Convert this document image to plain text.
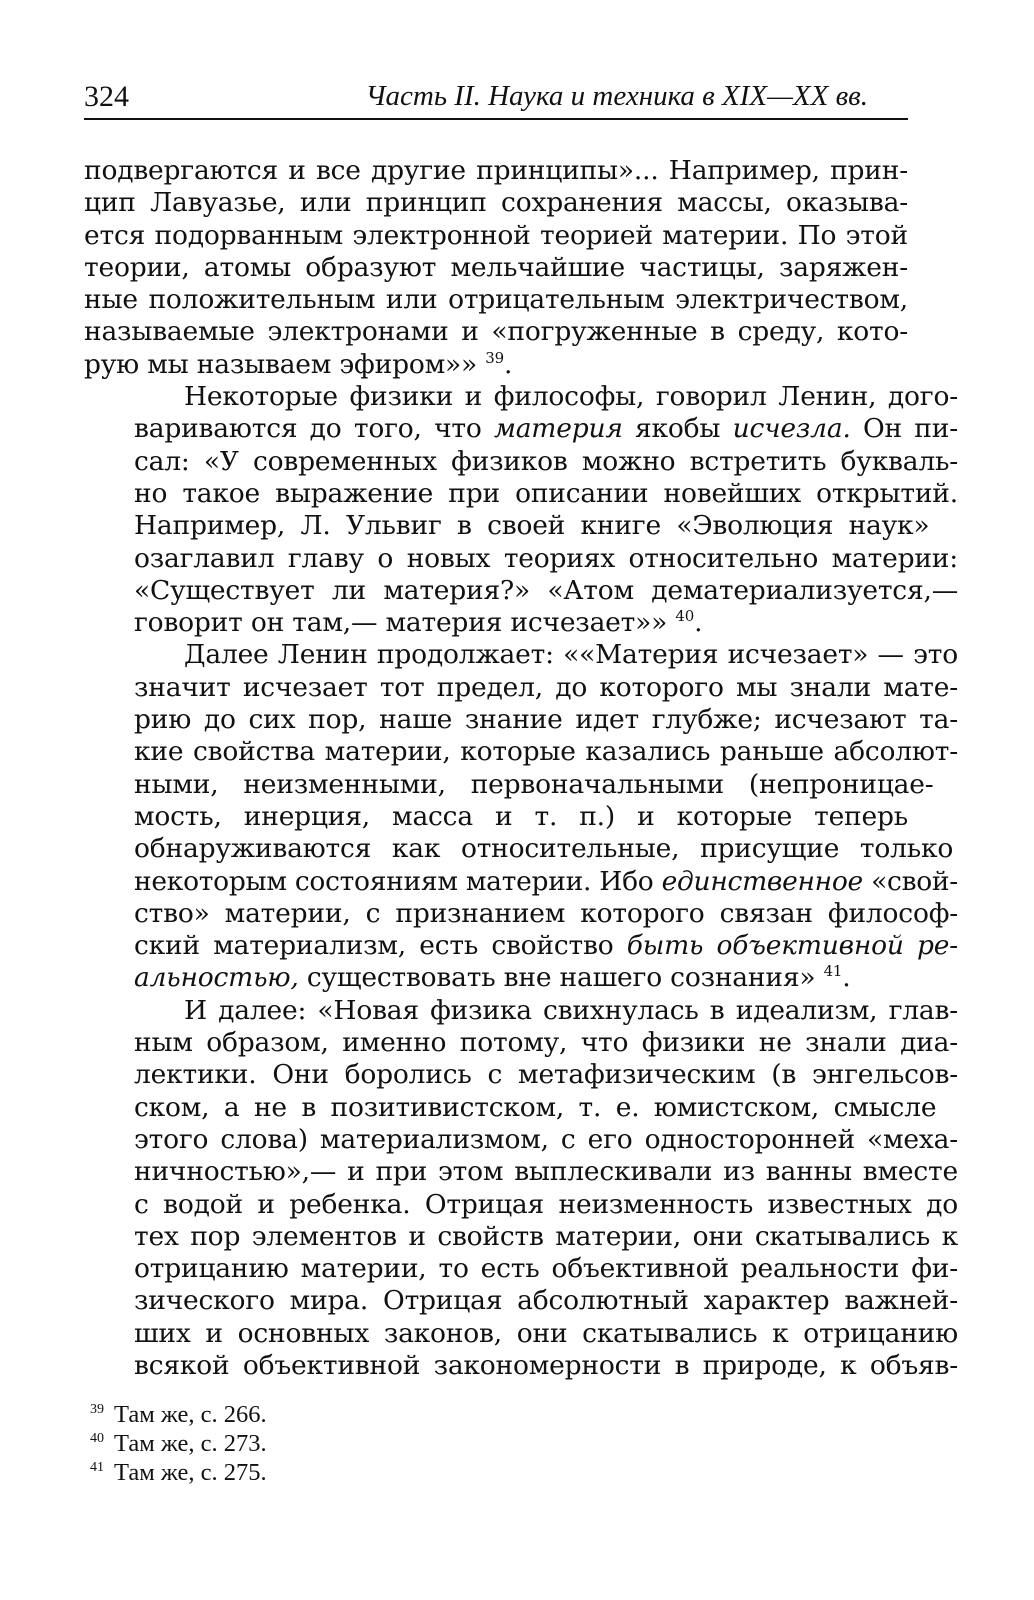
324	Часть II. Наука и техника в XIX—XX вв.
подвергаются и все другие принципы»... Например, прин-
цип Лавуазье, или принцип сохранения массы, оказыва-
ется подорванным электронной теорией материи. По этой
теории, атомы образуют мельчайшие частицы, заряжен-
ные положительным или отрицательным электричеством,
называемые электронами и «погруженные в среду, кото-
рую мы называем эфиром»» $^{39}$.
Некоторые физики и философы, говорил Ленин, дого-
вариваются до того, что материя якобы исчезла. Он пи-
сал: «У современных физиков можно встретить букваль-
но такое выражение при описании новейших открытий.
Например, Л. Ульвиг в своей книге «Эволюция наук»
озаглавил главу о новых теориях относительно материи:
«Существует ли материя?» «Атом дематериализуется,—
говорит он там,— материя исчезает»» $^{40}$.
Далее Ленин продолжает: ««Материя исчезает» — это
значит исчезает тот предел, до которого мы знали мате-
рию до сих пор, наше знание идет глубже; исчезают та-
кие свойства материи, которые казались раньше абсолют-
ными, неизменными, первоначальными (непроницае-
мость, инерция, масса и т. п.) и которые теперь
обнаруживаются как относительные, присущие только
некоторым состояниям материи. Ибо единственное «свой-
ство» материи, с признанием которого связан философ-
ский материализм, есть свойство быть объективной ре-
альностью, существовать вне нашего сознания» $^{41}$.
И далее: «Новая физика свихнулась в идеализм, глав-
ным образом, именно потому, что физики не знали диа-
лектики. Они боролись с метафизическим (в энгельсов-
ском, а не в позитивистском, т. е. юмистском, смысле
этого слова) материализмом, с его односторонней «меха-
ничностью»,— и при этом выплескивали из ванны вместе
с водой и ребенка. Отрицая неизменность известных до
тех пор элементов и свойств материи, они скатывались к
отрицанию материи, то есть объективной реальности фи-
зического мира. Отрицая абсолютный характер важней-
ших и основных законов, они скатывались к отрицанию
всякой объективной закономерности в природе, к объяв-
$^{39}$ Там же, с. 266.
$^{40}$ Там же, с. 273.
$^{41}$ Там же, с. 275.
